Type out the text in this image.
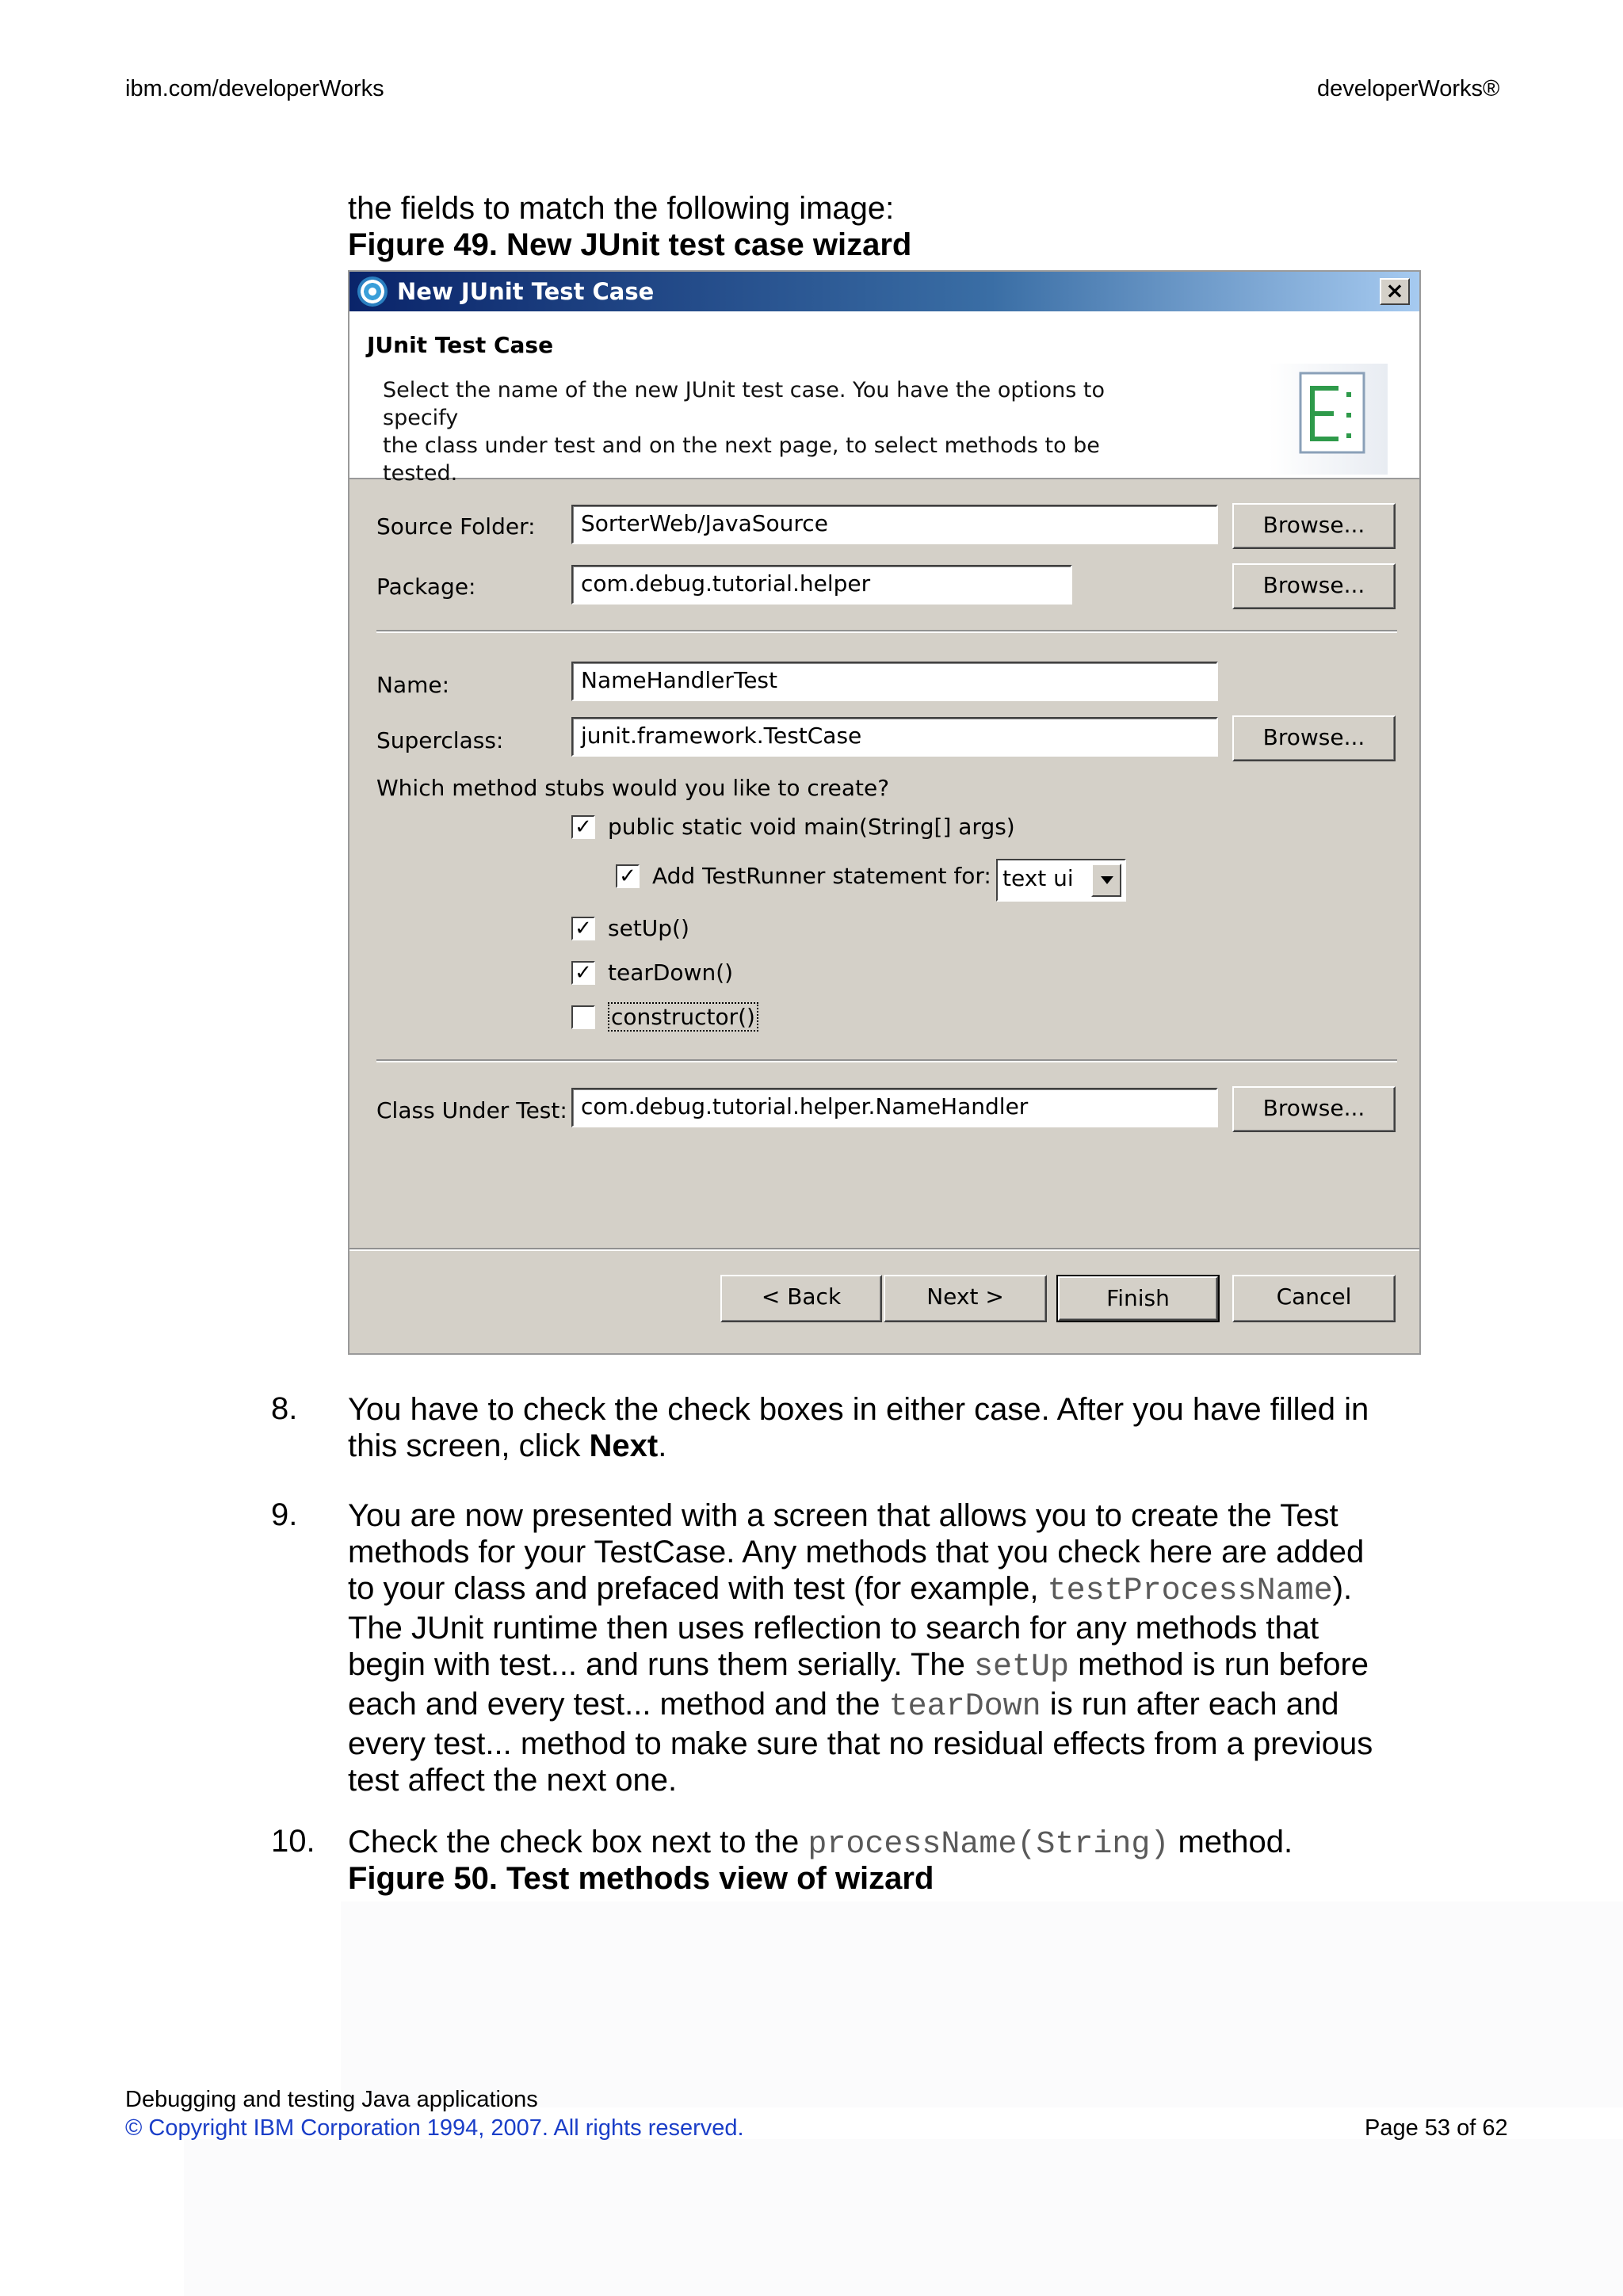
ibm.com/developerWorks	developerWorks®
the fields to match the following image:
Figure 49. New JUnit test case wizard
New JUnit Test Case	×
JUnit Test Case
Select the name of the new JUnit test case. You have the options to specify
the class under test and on the next page, to select methods to be tested.
Source Folder:	SorterWeb/JavaSource	Browse...
Package:	com.debug.tutorial.helper	Browse...
Name:	NameHandlerTest
Superclass:	junit.framework.TestCase	Browse...
Which method stubs would you like to create?
✓ public static void main(String[] args)
✓ Add TestRunner statement for: text ui
✓ setUp()
✓ tearDown()
constructor()
Class Under Test: com.debug.tutorial.helper.NameHandler	Browse...
< Back	Next >	Finish	Cancel
8. You have to check the check boxes in either case. After you have filled in
this screen, click Next.
9. You are now presented with a screen that allows you to create the Test
methods for your TestCase. Any methods that you check here are added
to your class and prefaced with test (for example, testProcessName).
The JUnit runtime then uses reflection to search for any methods that
begin with test... and runs them serially. The setUp method is run before
each and every test... method and the tearDown is run after each and
every test... method to make sure that no residual effects from a previous
test affect the next one.
10. Check the check box next to the processName(String) method.
Figure 50. Test methods view of wizard
Debugging and testing Java applications
© Copyright IBM Corporation 1994, 2007. All rights reserved.	Page 53 of 62
